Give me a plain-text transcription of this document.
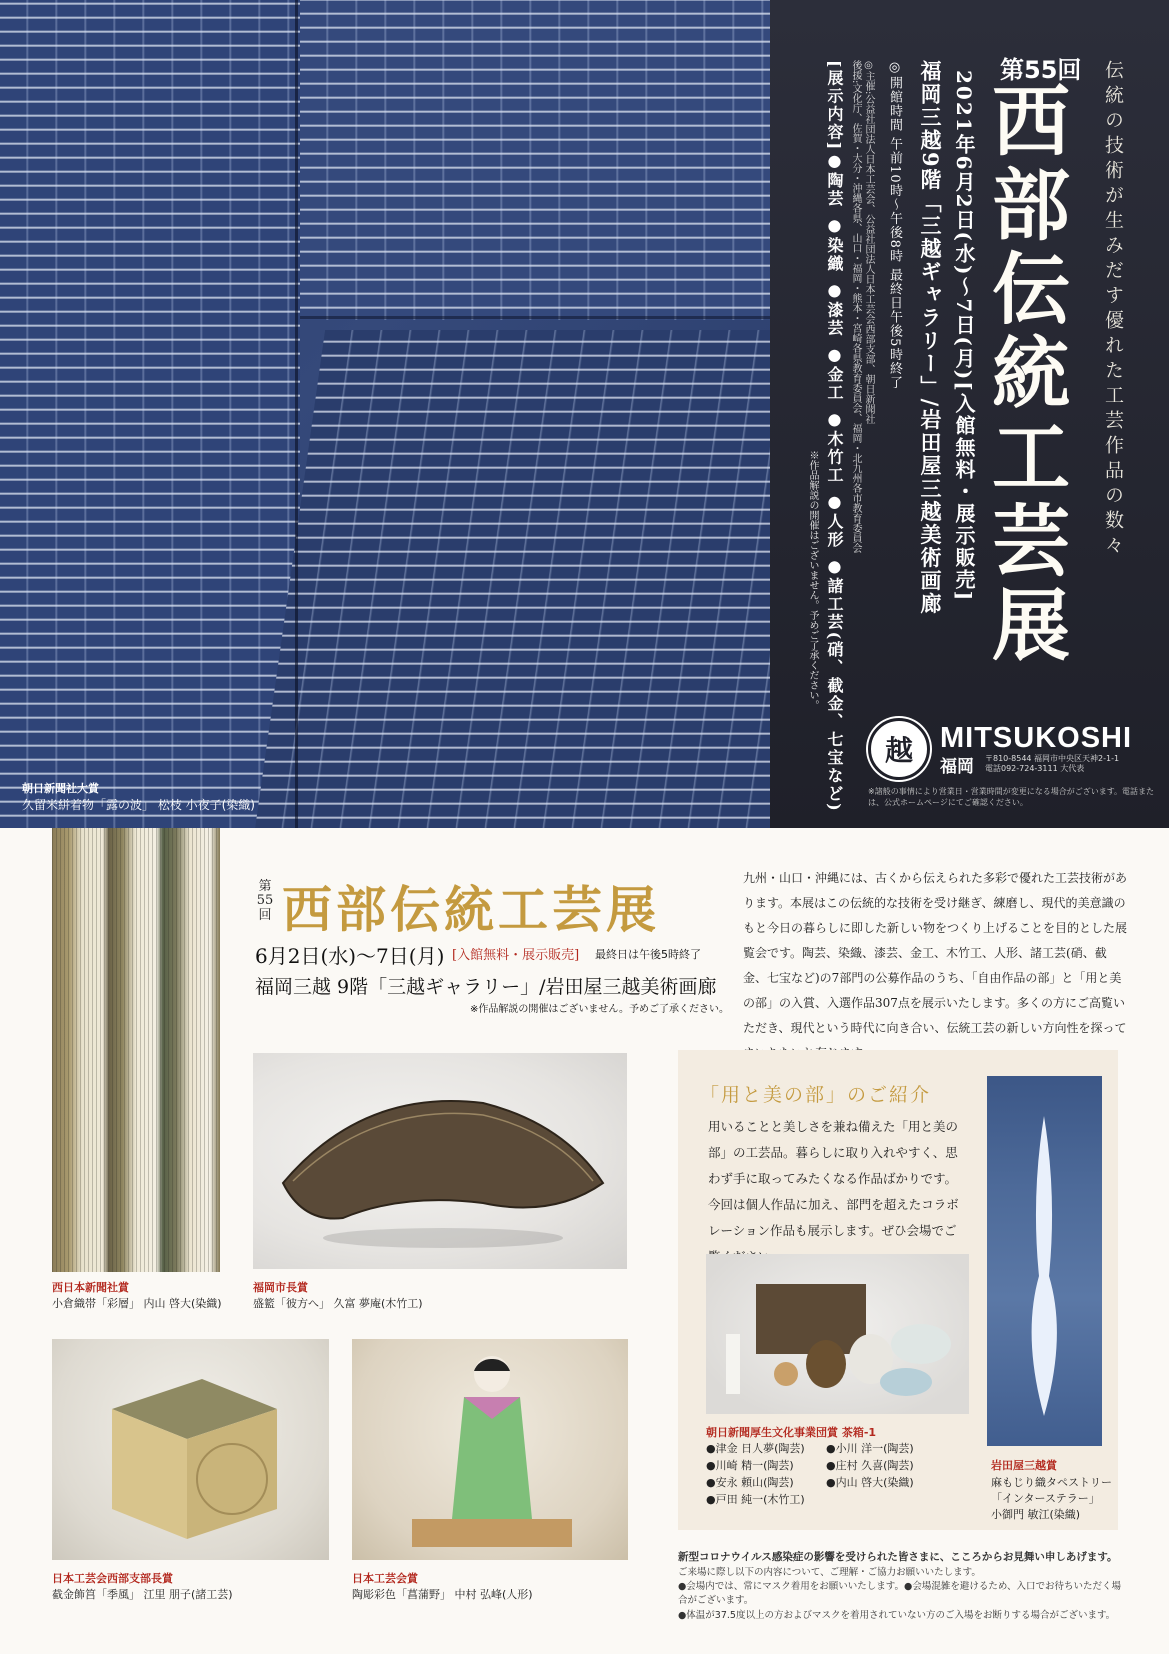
伝統の技術が生みだす優れた工芸作品の数々
第55回
西部伝統工芸展
2021年6月2日(水)〜7日(月)[入館無料・展示販売]
福岡三越9階「三越ギャラリー」/岩田屋三越美術画廊
◎開館時間 午前10時〜午後8時 最終日午後5時終了
◎主催:公益社団法人日本工芸会、公益社団法人日本工芸会西部支部、朝日新聞社
後援:文化庁、佐賀・大分・沖縄各県、山口・福岡・熊本・宮崎各県教育委員会、福岡・北九州各市教育委員会
[展示内容]●陶芸 ●染織 ●漆芸 ●金工 ●木竹工 ●人形 ●諸工芸(硝、截金、七宝など)
※作品解説の開催はございません。予めご了承ください。
越 MITSUKOSHI
福岡 〒810-8544 福岡市中央区天神2-1-1
電話092-724-3111 大代表
※諸般の事情により営業日・営業時間が変更になる場合がございます。電話または、公式ホームページにてご確認ください。
朝日新聞社大賞
久留米絣着物「露の波」 松枝 小夜子(染織)
西日本新聞社賞
小倉織帯「彩層」 内山 啓大(染織)
第55回 西部伝統工芸展
6月2日(水)〜7日(月) [入館無料・展示販売] 最終日は午後5時終了
福岡三越 9階「三越ギャラリー」/岩田屋三越美術画廊
※作品解説の開催はございません。予めご了承ください。
九州・山口・沖縄には、古くから伝えられた多彩で優れた工芸技術があります。本展はこの伝統的な技術を受け継ぎ、練磨し、現代的美意識のもと今日の暮らしに即した新しい物をつくり上げることを目的とした展覧会です。陶芸、染織、漆芸、金工、木竹工、人形、諸工芸(硝、截金、七宝など)の7部門の公募作品のうち、「自由作品の部」と「用と美の部」の入賞、入選作品307点を展示いたします。多くの方にご高覧いただき、現代という時代に向き合い、伝統工芸の新しい方向性を探って
福岡市長賞
盛籃「彼方へ」 久富 夢庵(木竹工)
日本工芸会西部支部長賞
截金飾筥「季風」 江里 朋子(諸工芸)
日本工芸会賞
陶彫彩色「菖蒲野」 中村 弘峰(人形)
「用と美の部」のご紹介
用いることと美しさを兼ね備えた「用と美の部」の工芸品。暮らしに取り入れやすく、思わず手に取ってみたくなる作品ばかりです。今回は個人作品に加え、部門を超えたコラボレーション作品も展示します。ぜひ会場でご
朝日新聞厚生文化事業団賞 茶箱-1
●津金 日人夢(陶芸)	●小川 洋一(陶芸)
●川崎 精一(陶芸)	●庄村 久喜(陶芸)
●安永 頼山(陶芸)	●内山 啓大(染織)
●戸田 純一(木竹工)
岩田屋三越賞
麻もじり織タペストリー
「インターステラー」
小御門 敏江(染織)
新型コロナウイルス感染症の影響を受けられた皆さまに、こころからお見舞い申しあげます。
ご来場に際し以下の内容について、ご理解・ご協力お願いいたします。
●会場内では、常にマスク着用をお願いいたします。●会場混雑を避けるため、入口でお待ちいただく場合がございます。
●体温が37.5度以上の方およびマスクを着用されていない方のご入場をお断りする場合がございます。
